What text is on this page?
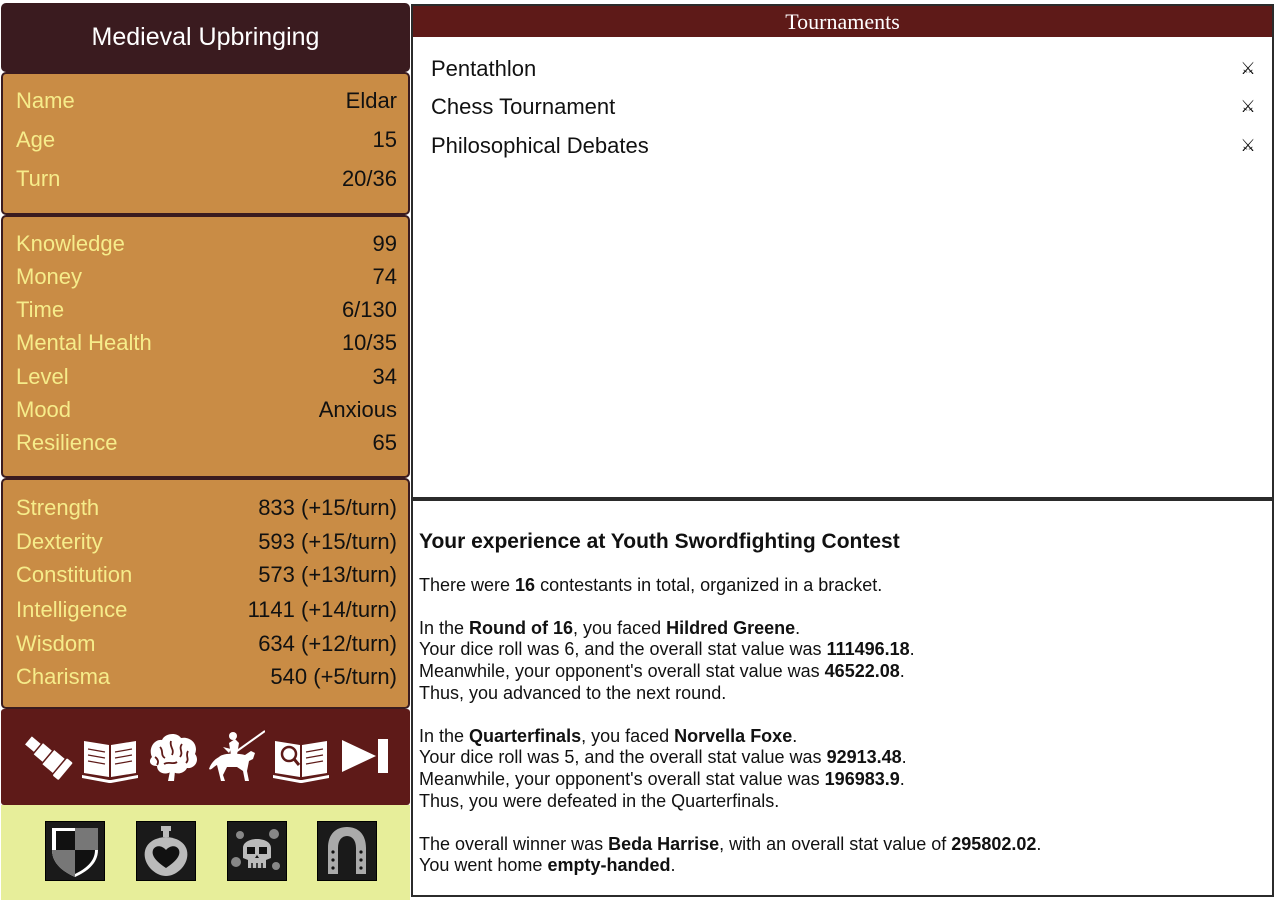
Medieval Upbringing
Name	Eldar
Age	15
Turn	20/36
Knowledge	99
Money	74
Time	6/130
Mental Health	10/35
Level	34
Mood	Anxious
Resilience	65
Strength	833 (+15/turn)
Dexterity	593 (+15/turn)
Constitution	573 (+13/turn)
Intelligence	1141 (+14/turn)
Wisdom	634 (+12/turn)
Charisma	540 (+5/turn)
Tournaments
Pentathlon	⚔
Chess Tournament	⚔
Philosophical Debates	⚔
Your experience at Youth Swordfighting Contest
There were 16 contestants in total, organized in a bracket.
In the Round of 16, you faced Hildred Greene.
Your dice roll was 6, and the overall stat value was 111496.18.
Meanwhile, your opponent's overall stat value was 46522.08.
Thus, you advanced to the next round.
In the Quarterfinals, you faced Norvella Foxe.
Your dice roll was 5, and the overall stat value was 92913.48.
Meanwhile, your opponent's overall stat value was 196983.9.
Thus, you were defeated in the Quarterfinals.
The overall winner was Beda Harrise, with an overall stat value of 295802.02.
You went home empty-handed.
